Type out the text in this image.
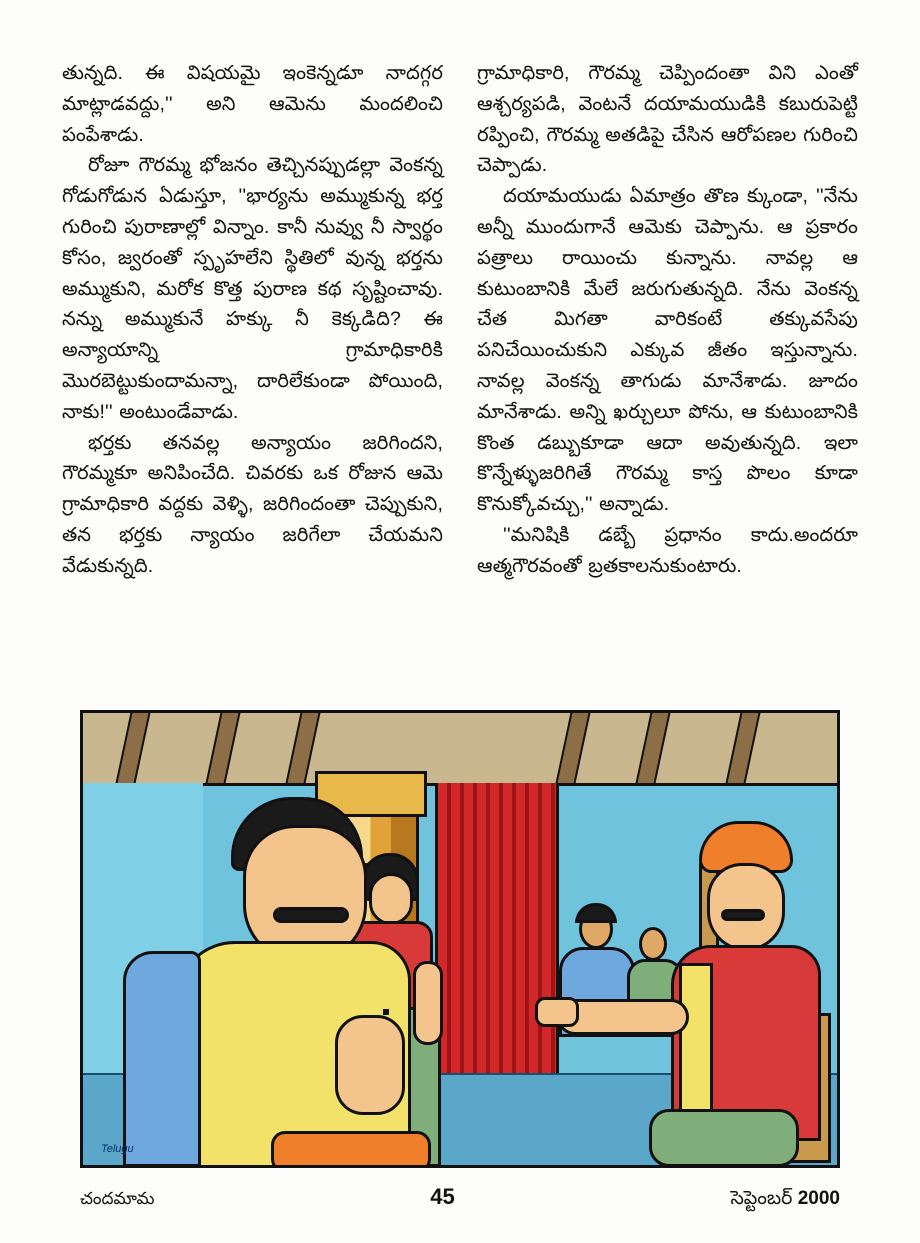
తున్నది. ఈ విషయమై ఇంకెన్నడూ నాదగ్గర మాట్లాడవద్దు,'' అని ఆమెను మందలించి పంపేశాడు.

రోజూ గౌరమ్మ భోజనం తెచ్చినప్పుడల్లా వెంకన్న గోడుగోడున ఏడుస్తూ, ''భార్యను అమ్ముకున్న భర్త గురించి పురాణాల్లో విన్నాం. కానీ నువ్వు నీ స్వార్థం కోసం, జ్వరంతో స్పృహలేని స్థితిలో వున్న భర్తను అమ్ముకుని, మరోక కొత్త పురాణ కథ సృష్టించావు. నన్ను అమ్ముకునే హక్కు నీ కెక్కడిది? ఈ అన్యాయాన్ని గ్రామాధికారికి మొరబెట్టుకుందామన్నా, దారిలేకుండా పోయింది, నాకు!'' అంటుండేవాడు.

భర్తకు తనవల్ల అన్యాయం జరిగిందని, గౌరమ్మకూ అనిపించేది. చివరకు ఒక రోజున ఆమె గ్రామాధికారి వద్దకు వెళ్ళి, జరిగిందంతా చెప్పుకుని, తన భర్తకు న్యాయం జరిగేలా చేయమని వేడుకున్నది.

గ్రామాధికారి, గౌరమ్మ చెప్పిందంతా విని ఎంతో ఆశ్చర్యపడి, వెంటనే దయామయుడికి కబురుపెట్టి రప్పించి, గౌరమ్మ అతడిపై చేసిన ఆరోపణల గురించి చెప్పాడు.

దయామయుడు ఏమాత్రం తొణ క్కుండా, ''నేను అన్నీ ముందుగానే ఆమెకు చెప్పాను. ఆ ప్రకారం పత్రాలు రాయించు కున్నాను. నావల్ల ఆ కుటుంబానికి మేలే జరుగుతున్నది. నేను వెంకన్న చేత మిగతా వారికంటే తక్కువసేపు పనిచేయించుకుని ఎక్కువ జీతం ఇస్తున్నాను. నావల్ల వెంకన్న తాగుడు మానేశాడు. జూదం మానేశాడు. అన్ని ఖర్చులూ పోను, ఆ కుటుంబానికి కొంత డబ్బుకూడా ఆదా అవుతున్నది. ఇలా కొన్నేళ్ళుజరిగితే గౌరమ్మ కాస్త పొలం కూడా కొనుక్కోవచ్చు,'' అన్నాడు.

''మనిషికి డబ్బే ప్రధానం కాదు.అందరూ ఆత్మగౌరవంతో బ్రతకాలనుకుంటారు.

Telugu
చందమామ	45	సెప్టెంబర్ 2000
